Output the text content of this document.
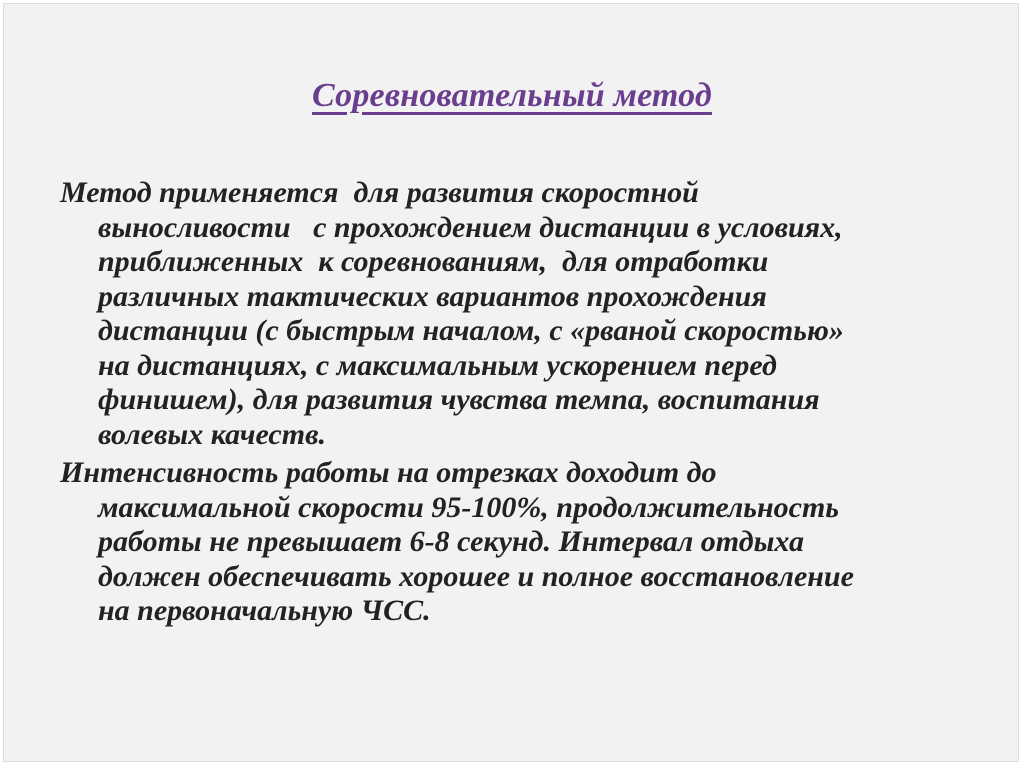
Соревновательный метод
Метод применяется  для развития скоростной
выносливости   с прохождением дистанции в условиях,
приближенных  к соревнованиям,  для отработки
различных тактических вариантов прохождения
дистанции (с быстрым началом, с «рваной скоростью»
на дистанциях, с максимальным ускорением перед
финишем), для развития чувства темпа, воспитания
волевых качеств.
Интенсивность работы на отрезках доходит до
максимальной скорости 95-100%, продолжительность
работы не превышает 6-8 секунд. Интервал отдыха
должен обеспечивать хорошее и полное восстановление
на первоначальную ЧСС.
